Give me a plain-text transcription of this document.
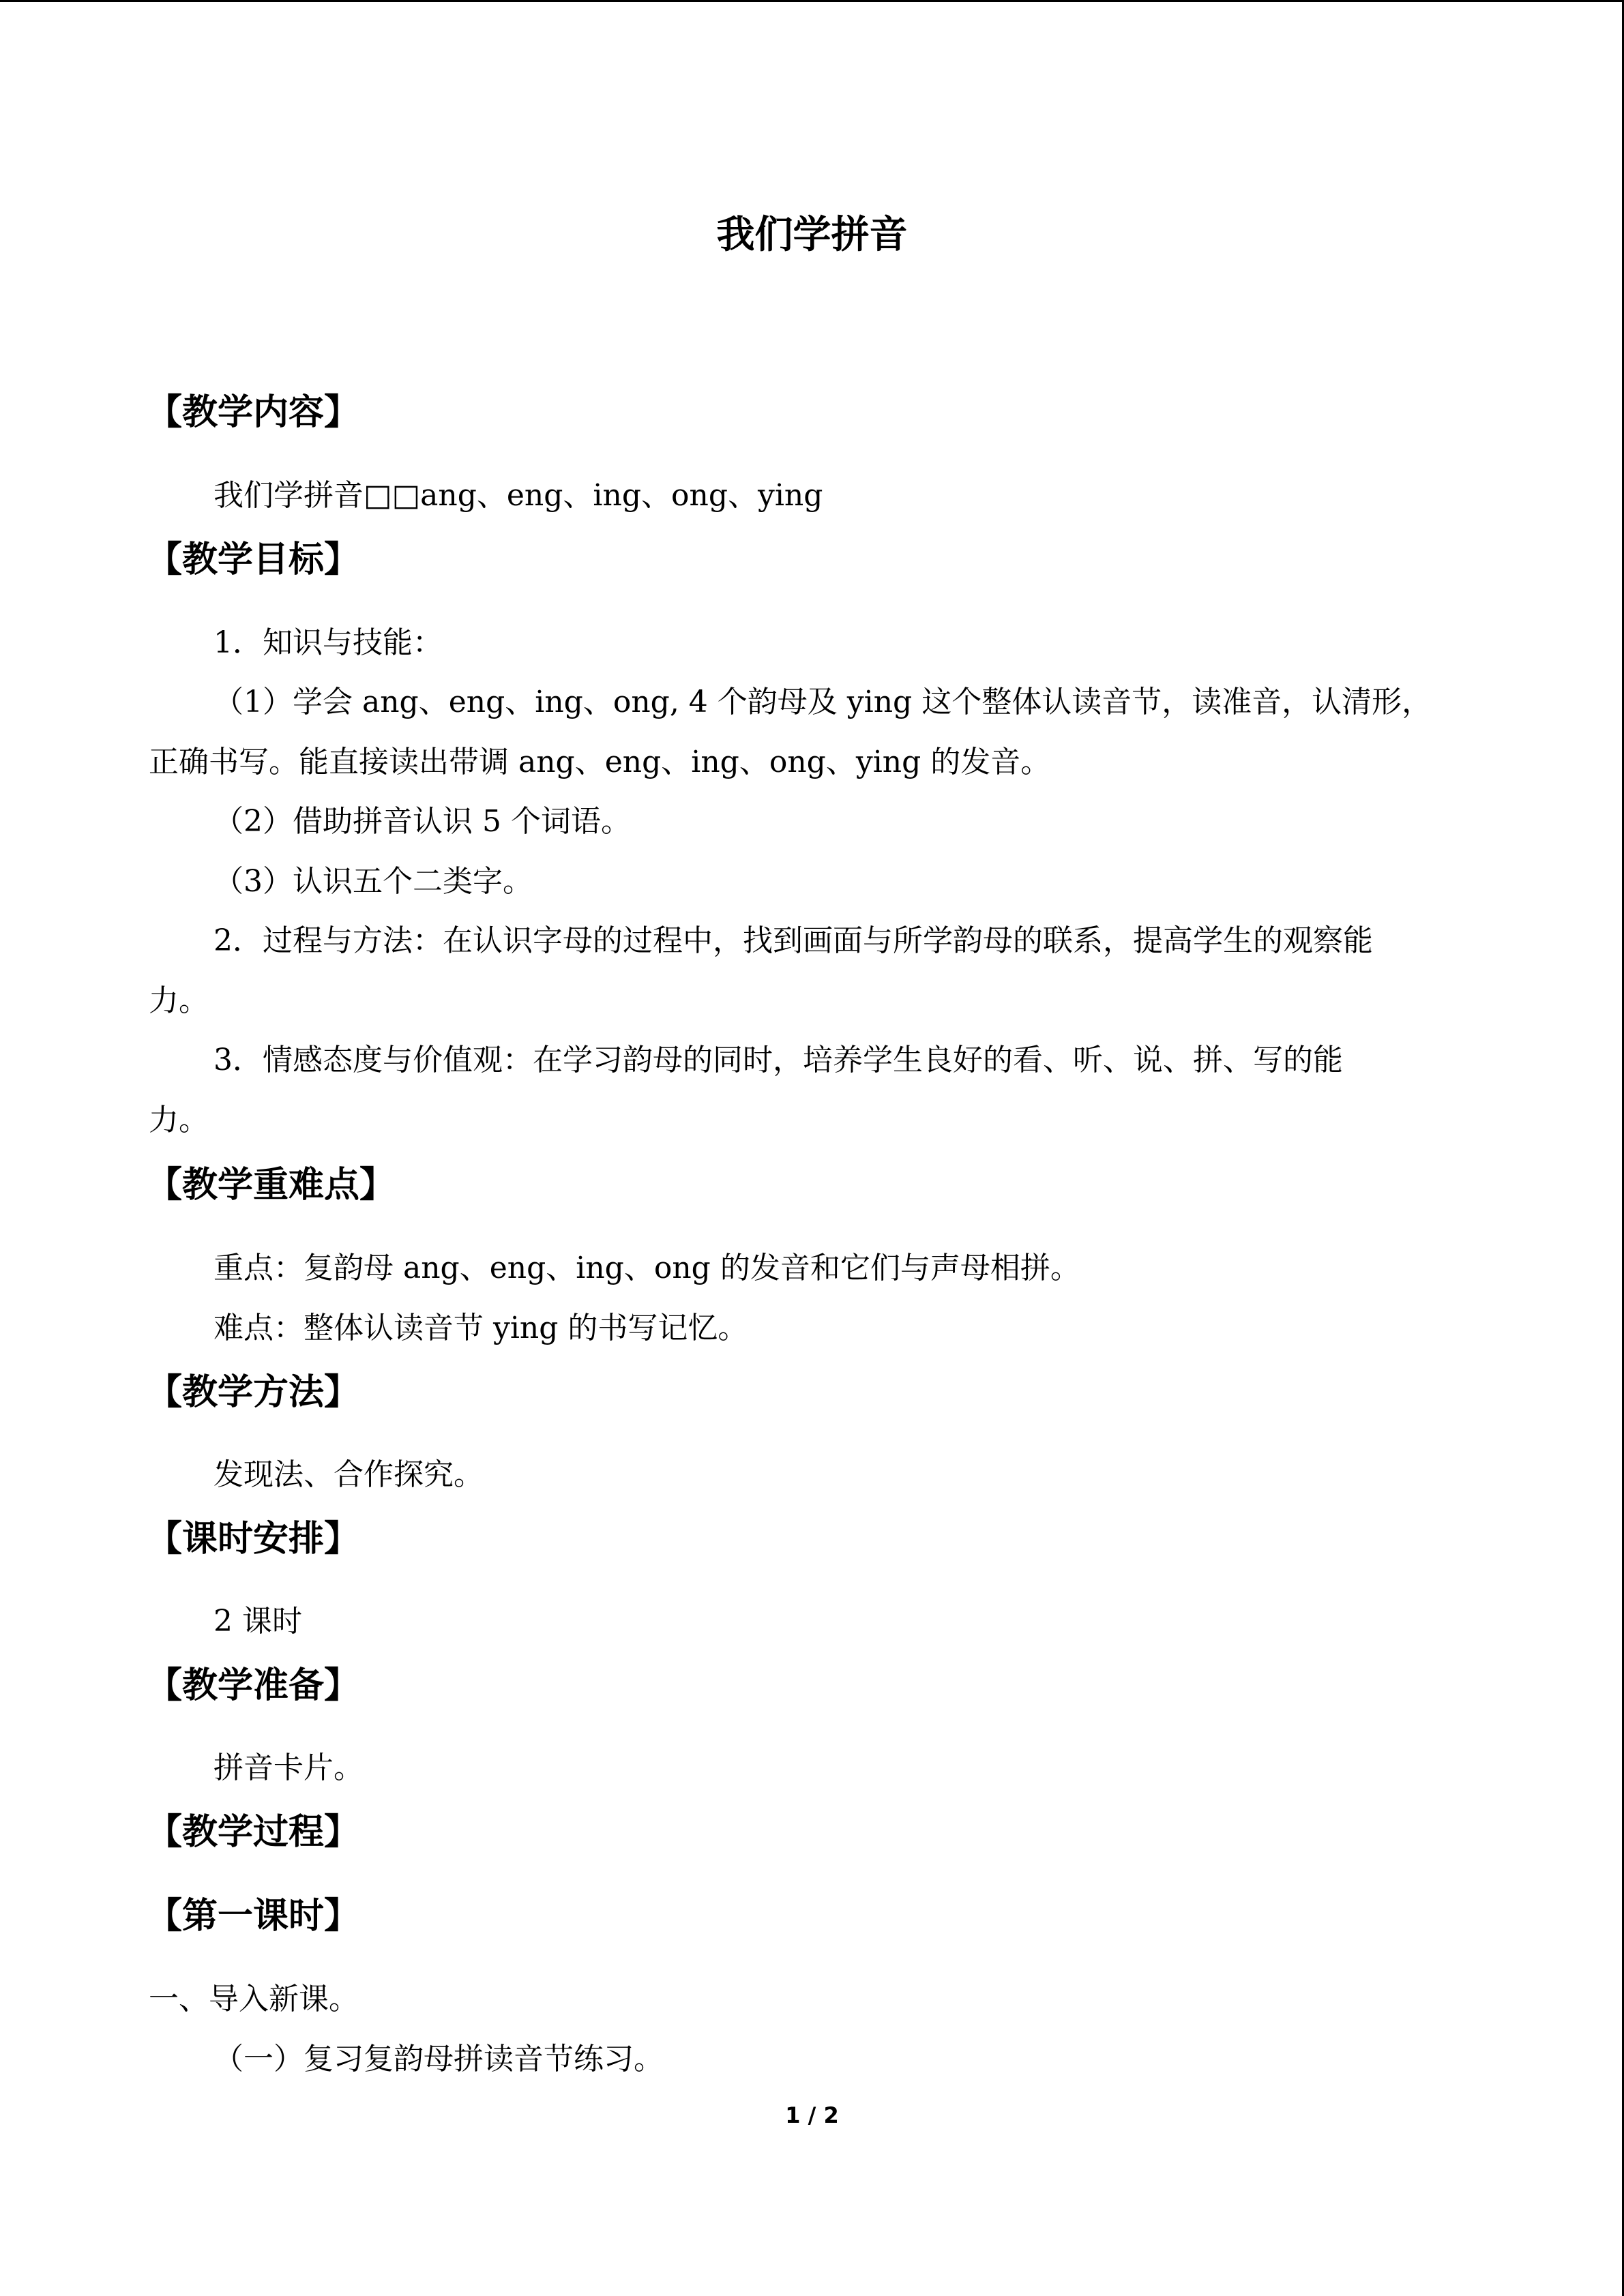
我们学拼音
【教学内容】
我们学拼音□□ang、eng、ing、ong、ying
【教学目标】
1．知识与技能：
（1）学会 ang、eng、ing、ong, 4 个韵母及 ying 这个整体认读音节，读准音，认清形，
正确书写。能直接读出带调 ang、eng、ing、ong、ying 的发音。
（2）借助拼音认识 5 个词语。
（3）认识五个二类字。
2．过程与方法：在认识字母的过程中，找到画面与所学韵母的联系，提高学生的观察能
力。
3．情感态度与价值观：在学习韵母的同时，培养学生良好的看、听、说、拼、写的能
力。
【教学重难点】
重点：复韵母 ang、eng、ing、ong 的发音和它们与声母相拼。
难点：整体认读音节 ying 的书写记忆。
【教学方法】
发现法、合作探究。
【课时安排】
2 课时
【教学准备】
拼音卡片。
【教学过程】
【第一课时】
一、导入新课。
（一）复习复韵母拼读音节练习。
1 / 2
